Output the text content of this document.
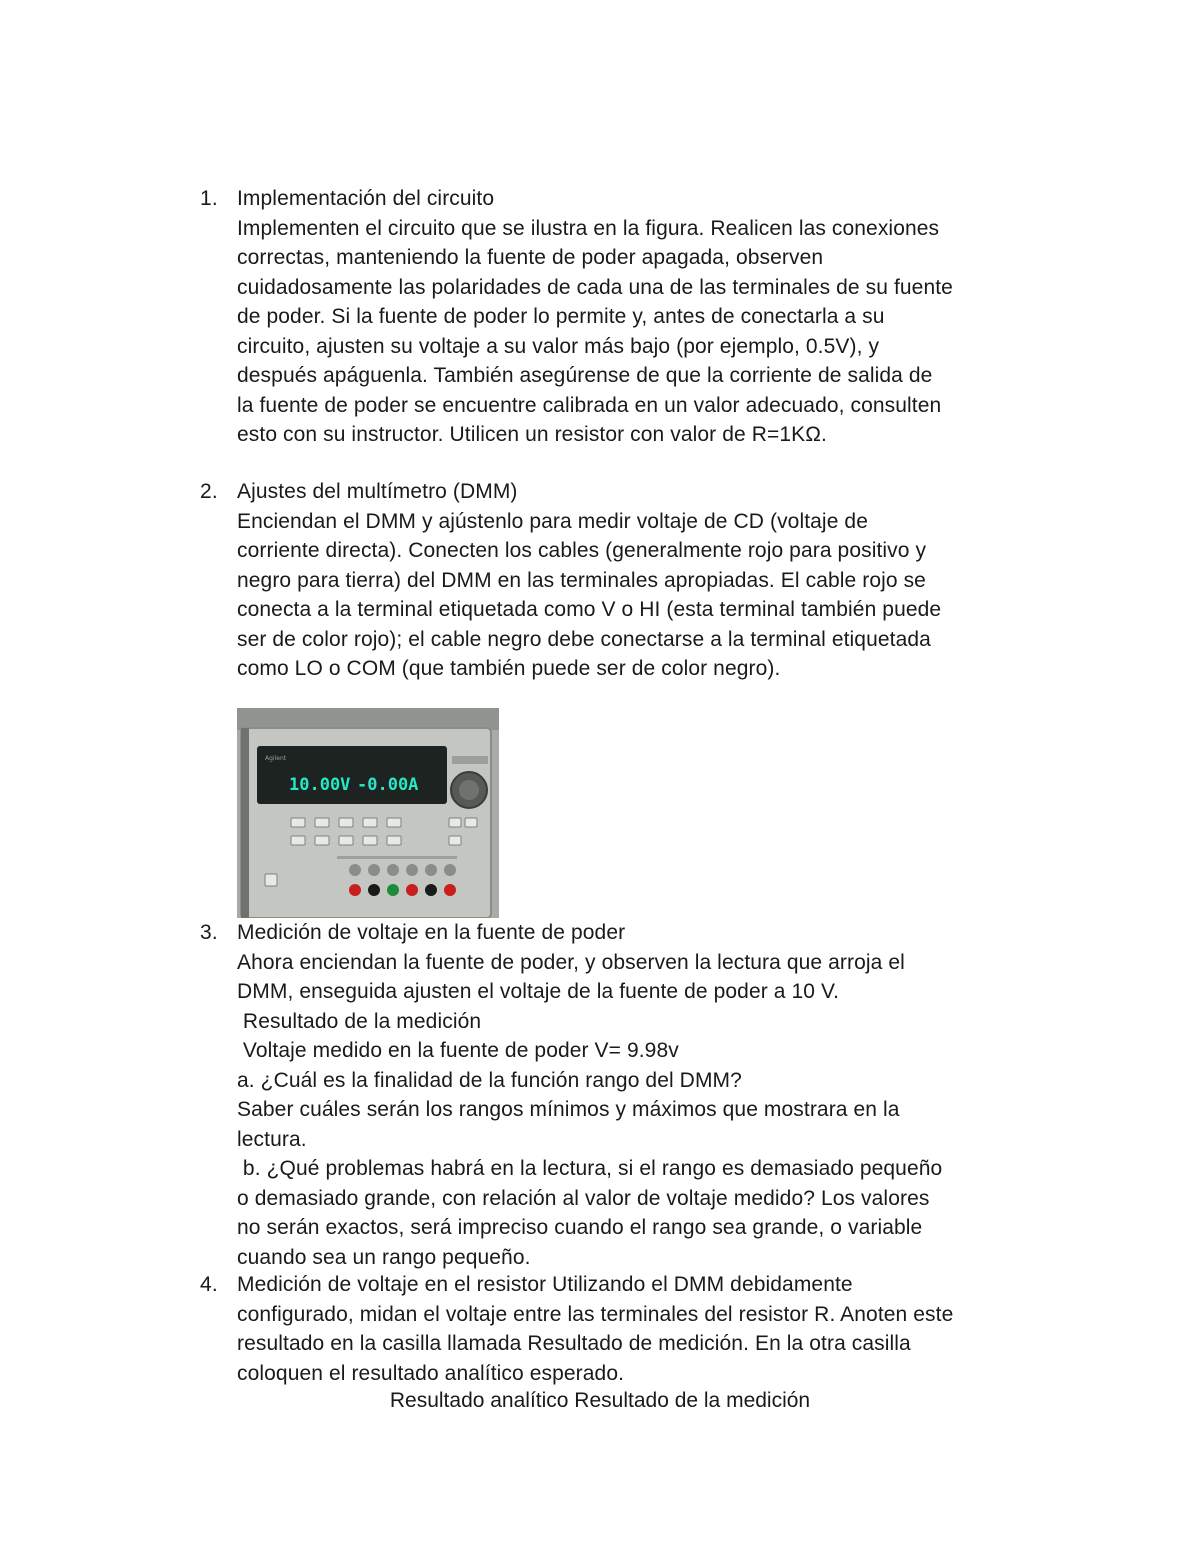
1. Implementación del circuito
Implementen el circuito que se ilustra en la figura. Realicen las conexiones
correctas, manteniendo la fuente de poder apagada, observen
cuidadosamente las polaridades de cada una de las terminales de su fuente
de poder. Si la fuente de poder lo permite y, antes de conectarla a su
circuito, ajusten su voltaje a su valor más bajo (por ejemplo, 0.5V), y
después apáguenla. También asegúrense de que la corriente de salida de
la fuente de poder se encuentre calibrada en un valor adecuado, consulten
esto con su instructor. Utilicen un resistor con valor de R=1KΩ.
2. Ajustes del multímetro (DMM)
Enciendan el DMM y ajústenlo para medir voltaje de CD (voltaje de
corriente directa). Conecten los cables (generalmente rojo para positivo y
negro para tierra) del DMM en las terminales apropiadas. El cable rojo se
conecta a la terminal etiquetada como V o HI (esta terminal también puede
ser de color rojo); el cable negro debe conectarse a la terminal etiquetada
como LO o COM (que también puede ser de color negro).
Agilent
10.00V -0.00A
3. Medición de voltaje en la fuente de poder
Ahora enciendan la fuente de poder, y observen la lectura que arroja el
DMM, enseguida ajusten el voltaje de la fuente de poder a 10 V.
Resultado de la medición
Voltaje medido en la fuente de poder V= 9.98v
a. ¿Cuál es la finalidad de la función rango del DMM?
Saber cuáles serán los rangos mínimos y máximos que mostrara en la
lectura.
b. ¿Qué problemas habrá en la lectura, si el rango es demasiado pequeño
o demasiado grande, con relación al valor de voltaje medido? Los valores
no serán exactos, será impreciso cuando el rango sea grande, o variable
cuando sea un rango pequeño.
4. Medición de voltaje en el resistor Utilizando el DMM debidamente
configurado, midan el voltaje entre las terminales del resistor R. Anoten este
resultado en la casilla llamada Resultado de medición. En la otra casilla
coloquen el resultado analítico esperado.
Resultado analítico Resultado de la medición
